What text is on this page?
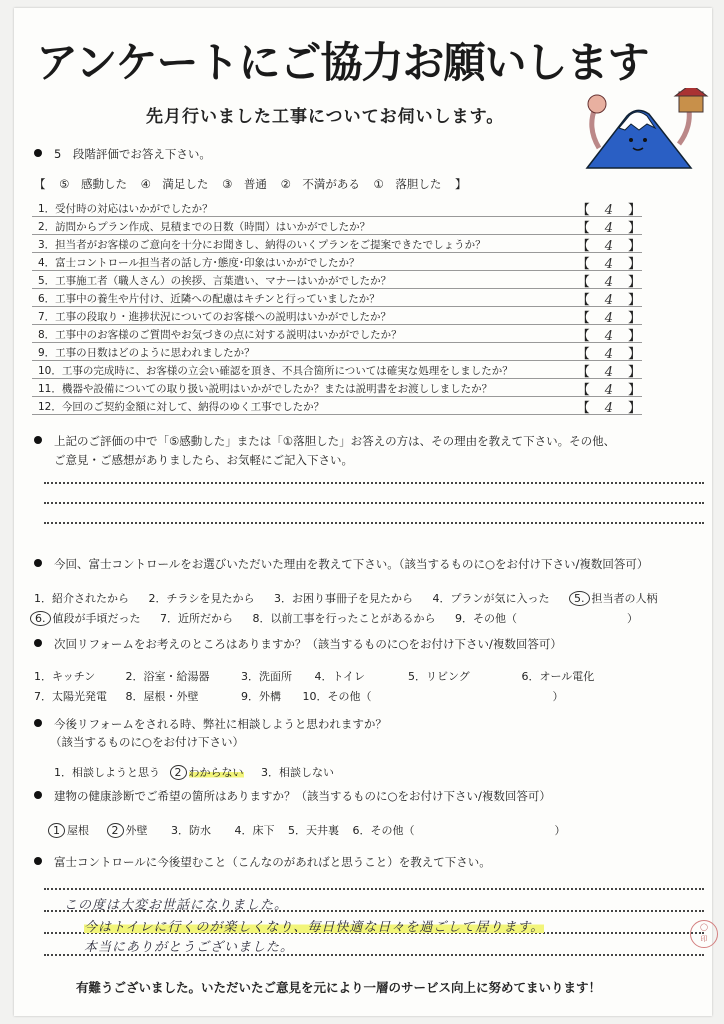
アンケートにご協力お願いします
先月行いました工事についてお伺いします。
5　段階評価でお答え下さい。
【 ⑤　感動した ④　満足した ③　普通 ②　不満がある ①　落胆した 】
1．受付時の対応はいかがでしたか？	【 4 】
2．訪問からプラン作成、見積までの日数（時間）はいかがでしたか？	【 4 】
3．担当者がお客様のご意向を十分にお聞きし、納得のいくプランをご提案できたでしょうか？	【 4 】
4．富士コントロール担当者の話し方･態度･印象はいかがでしたか？	【 4 】
5．工事施工者（職人さん）の挨拶、言葉遣い、マナーはいかがでしたか？	【 4 】
6．工事中の養生や片付け、近隣への配慮はキチンと行っていましたか？	【 4 】
7．工事の段取り・進捗状況についてのお客様への説明はいかがでしたか？	【 4 】
8．工事中のお客様のご質問やお気づきの点に対する説明はいかがでしたか？	【 4 】
9．工事の日数はどのように思われましたか？	【 4 】
10．工事の完成時に、お客様の立会い確認を頂き、不具合箇所については確実な処理をしましたか？	【 4 】
11．機器や設備についての取り扱い説明はいかがでしたか？または説明書をお渡ししましたか？	【 4 】
12．今回のご契約金額に対して、納得のゆく工事でしたか？	【 4 】
上記のご評価の中で「⑤感動した」または「①落胆した」お答えの方は、その理由を教えて下さい。その他、
ご意見・ご感想がありましたら、お気軽にご記入下さい。
今回、富士コントロールをお選びいただいた理由を教えて下さい。（該当するものに○をお付け下さい/複数回答可）
1．紹介されたから 2．チラシを見たから 3．お困り事冊子を見たから 4．プランが気に入った 5. 担当者の人柄
6. 値段が手頃だった 7．近所だから 8．以前工事を行ったことがあるから 9．その他（	）
次回リフォームをお考えのところはありますか？（該当するものに○をお付け下さい/複数回答可）
1．キッチン	2．浴室・給湯器	3．洗面所 4．トイレ	5．リビング	6．オール電化
7．太陽光発電 8．屋根・外壁	9．外構 10．その他（	）
今後リフォームをされる時、弊社に相談しようと思われますか？
（該当するものに○をお付け下さい）
1．相談しようと思う 2 わからない 3．相談しない
建物の健康診断でご希望の箇所はありますか？（該当するものに○をお付け下さい/複数回答可）
1 屋根 2 外壁 3．防水 4．床下 5．天井裏 6．その他（	）
富士コントロールに今後望むこと（こんなのがあればと思うこと）を教えて下さい。
この度は大変お世話になりました。
今はトイレに行くのが楽しくなり、毎日快適な日々を過ごして居ります。
本当にありがとうございました。
◯
印
有難うございました。いただいたご意見を元により一層のサービス向上に努めてまいります！
